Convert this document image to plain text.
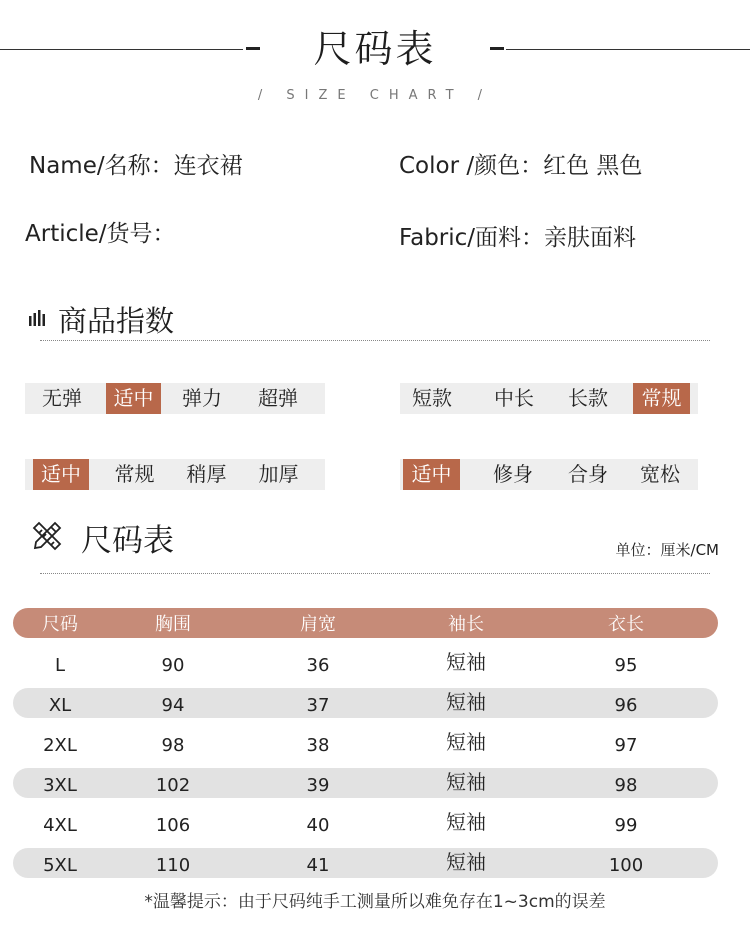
尺码表
/ SIZE CHART /
Name/名称：连衣裙	Color /颜色：红色 黑色
Article/货号：	Fabric/面料：亲肤面料
商品指数
无弹	适中	弹力	超弹	短款	中长	长款	常规
适中	常规	稍厚	加厚	适中	修身	合身	宽松
尺码表	单位：厘米/CM
尺码	胸围	肩宽	袖长	衣长
L	90	36	短袖	95
XL	94	37	短袖	96
2XL	98	38	短袖	97
3XL	102	39	短袖	98
4XL	106	40	短袖	99
5XL	110	41	短袖	100
*温馨提示：由于尺码纯手工测量所以难免存在1~3cm的误差
